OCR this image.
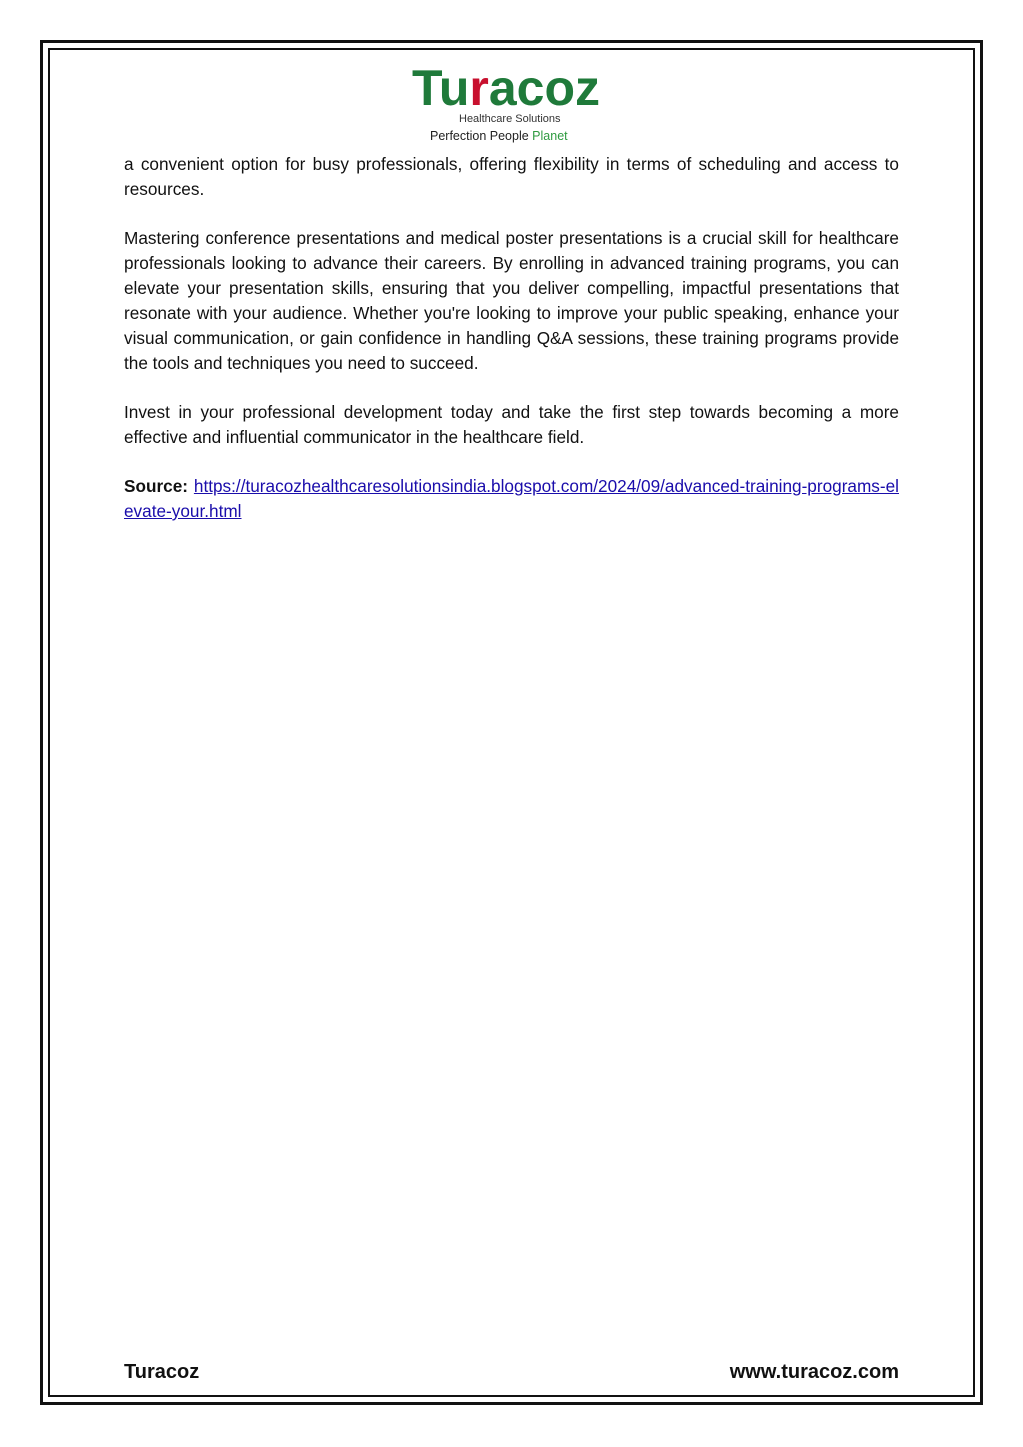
Turacoz
Healthcare Solutions
Perfection People Planet

a convenient option for busy professionals, offering flexibility in terms of scheduling and access to resources.

Mastering conference presentations and medical poster presentations is a crucial skill for healthcare professionals looking to advance their careers. By enrolling in advanced training programs, you can elevate your presentation skills, ensuring that you deliver compelling, impactful presentations that resonate with your audience. Whether you're looking to improve your public speaking, enhance your visual communication, or gain confidence in handling Q&A sessions, these training programs provide the tools and techniques you need to succeed.

Invest in your professional development today and take the first step towards becoming a more effective and influential communicator in the healthcare field.

Source: https://turacozhealthcaresolutionsindia.blogspot.com/2024/09/advanced-training-programs-elevate-your.html

Turacoz	www.turacoz.com
